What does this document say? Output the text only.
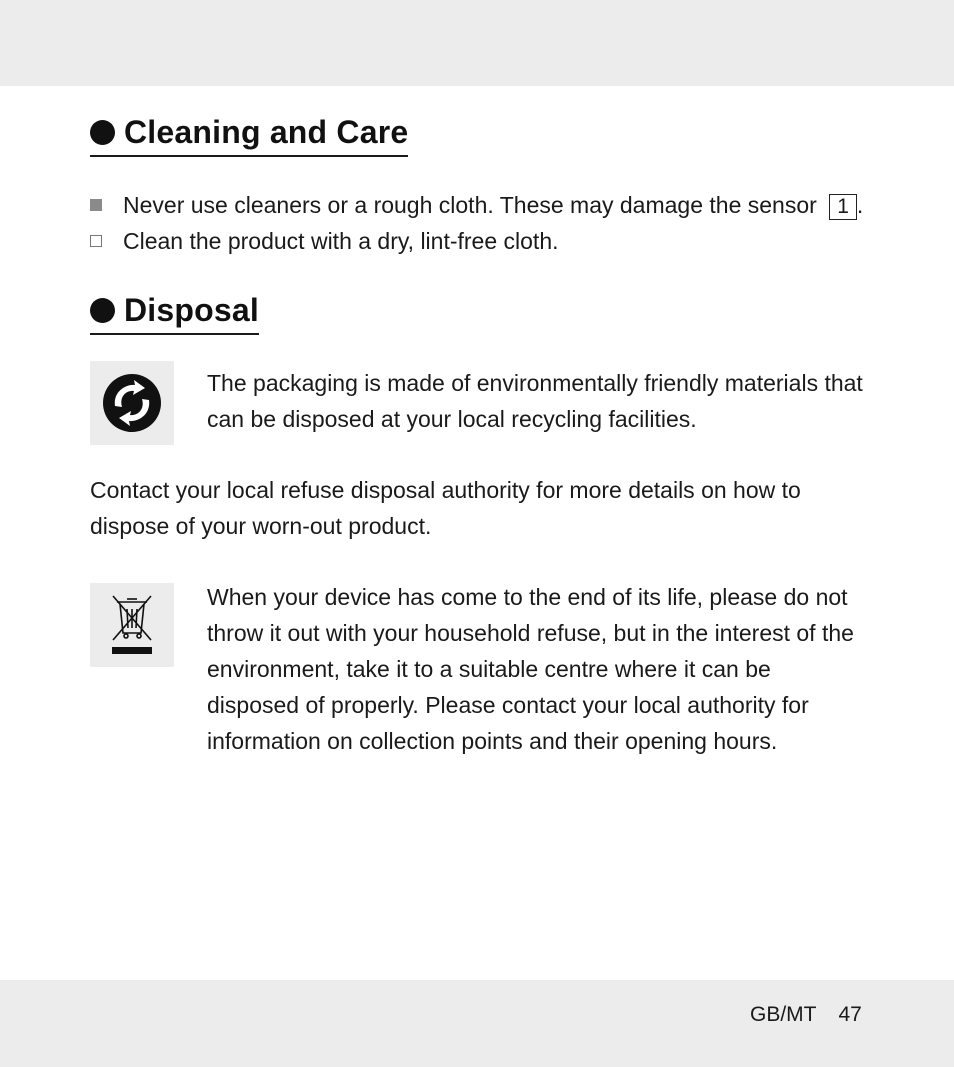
Cleaning and Care
Never use cleaners or a rough cloth. These may damage the sensor 1 .
Clean the product with a dry, lint-free cloth.
Disposal
The packaging is made of environmentally friendly materials that can be disposed at your local recycling facilities.
Contact your local refuse disposal authority for more details on how to dispose of your worn-out product.
When your device has come to the end of its life, please do not throw it out with your household refuse, but in the interest of the environment, take it to a suitable centre where it can be disposed of properly. Please contact your local authority for information on collection points and their opening hours.
GB/MT 47
